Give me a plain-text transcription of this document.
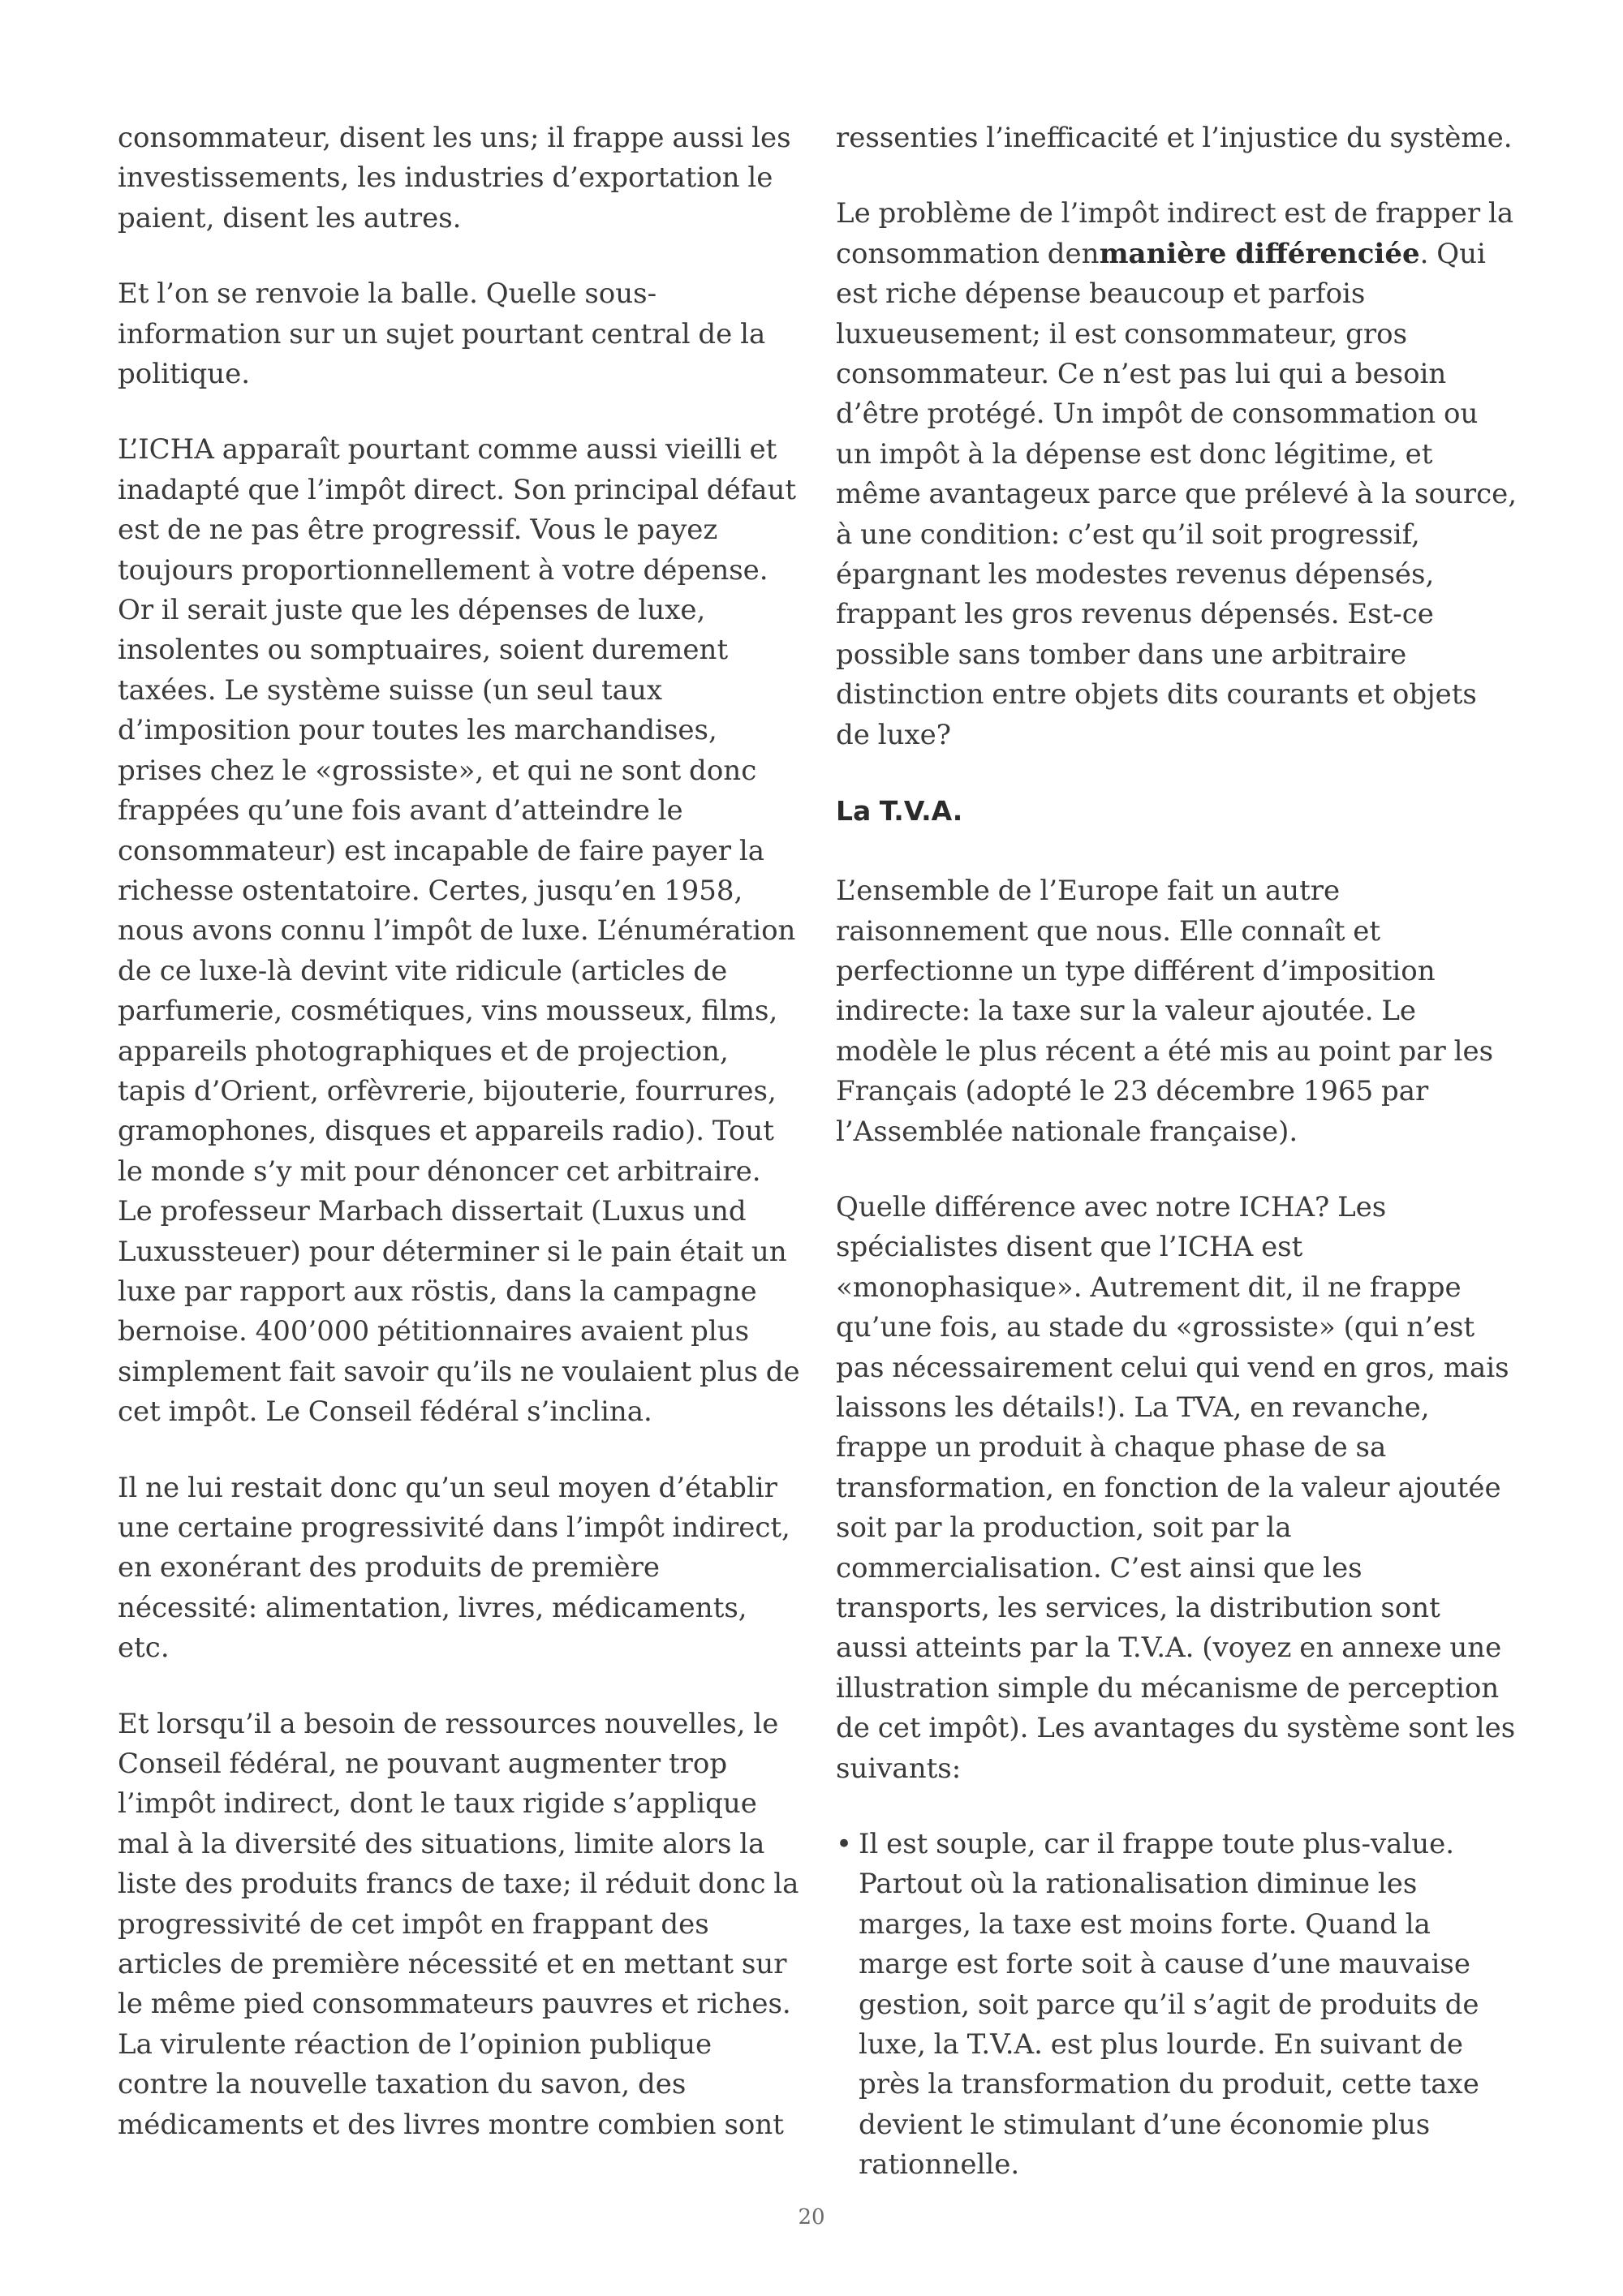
consommateur, disent les uns; il frappe aussi les investissements, les industries d’exportation le paient, disent les autres.

Et l’on se renvoie la balle. Quelle sous-information sur un sujet pourtant central de la politique.

L’ICHA apparaît pourtant comme aussi vieilli et inadapté que l’impôt direct. Son principal défaut est de ne pas être progressif. Vous le payez toujours proportionnellement à votre dépense. Or il serait juste que les dépenses de luxe, insolentes ou somptuaires, soient durement taxées. Le système suisse (un seul taux d’imposition pour toutes les marchandises, prises chez le «grossiste», et qui ne sont donc frappées qu’une fois avant d’atteindre le consommateur) est incapable de faire payer la richesse ostentatoire. Certes, jusqu’en 1958, nous avons connu l’impôt de luxe. L’énumération de ce luxe-là devint vite ridicule (articles de parfumerie, cosmétiques, vins mousseux, films, appareils photographiques et de projection, tapis d’Orient, orfèvrerie, bijouterie, fourrures, gramophones, disques et appareils radio). Tout le monde s’y mit pour dénoncer cet arbitraire. Le professeur Marbach dissertait (Luxus und Luxussteuer) pour déterminer si le pain était un luxe par rapport aux röstis, dans la campagne bernoise. 400’000 pétitionnaires avaient plus simplement fait savoir qu’ils ne voulaient plus de cet impôt. Le Conseil fédéral s’inclina.

Il ne lui restait donc qu’un seul moyen d’établir une certaine progressivité dans l’impôt indirect, en exonérant des produits de première nécessité: alimentation, livres, médicaments, etc.

Et lorsqu’il a besoin de ressources nouvelles, le Conseil fédéral, ne pouvant augmenter trop l’impôt indirect, dont le taux rigide s’applique mal à la diversité des situations, limite alors la liste des produits francs de taxe; il réduit donc la progressivité de cet impôt en frappant des articles de première nécessité et en mettant sur le même pied consommateurs pauvres et riches. La virulente réaction de l’opinion publique contre la nouvelle taxation du savon, des médicaments et des livres montre combien sont

ressenties l’inefficacité et l’injustice du système.

Le problème de l’impôt indirect est de frapper la consommation denmanière différenciée. Qui est riche dépense beaucoup et parfois luxueusement; il est consommateur, gros consommateur. Ce n’est pas lui qui a besoin d’être protégé. Un impôt de consommation ou un impôt à la dépense est donc légitime, et même avantageux parce que prélevé à la source, à une condition: c’est qu’il soit progressif, épargnant les modestes revenus dépensés, frappant les gros revenus dépensés. Est-ce possible sans tomber dans une arbitraire distinction entre objets dits courants et objets de luxe?

La T.V.A.

L’ensemble de l’Europe fait un autre raisonnement que nous. Elle connaît et perfectionne un type différent d’imposition indirecte: la taxe sur la valeur ajoutée. Le modèle le plus récent a été mis au point par les Français (adopté le 23 décembre 1965 par l’Assemblée nationale française).

Quelle différence avec notre ICHA? Les spécialistes disent que l’ICHA est «monophasique». Autrement dit, il ne frappe qu’une fois, au stade du «grossiste» (qui n’est pas nécessairement celui qui vend en gros, mais laissons les détails!). La TVA, en revanche, frappe un produit à chaque phase de sa transformation, en fonction de la valeur ajoutée soit par la production, soit par la commercialisation. C’est ainsi que les transports, les services, la distribution sont aussi atteints par la T.V.A. (voyez en annexe une illustration simple du mécanisme de perception de cet impôt). Les avantages du système sont les suivants:

• Il est souple, car il frappe toute plus-value. Partout où la rationalisation diminue les marges, la taxe est moins forte. Quand la marge est forte soit à cause d’une mauvaise gestion, soit parce qu’il s’agit de produits de luxe, la T.V.A. est plus lourde. En suivant de près la transformation du produit, cette taxe devient le stimulant d’une économie plus rationnelle.
20
